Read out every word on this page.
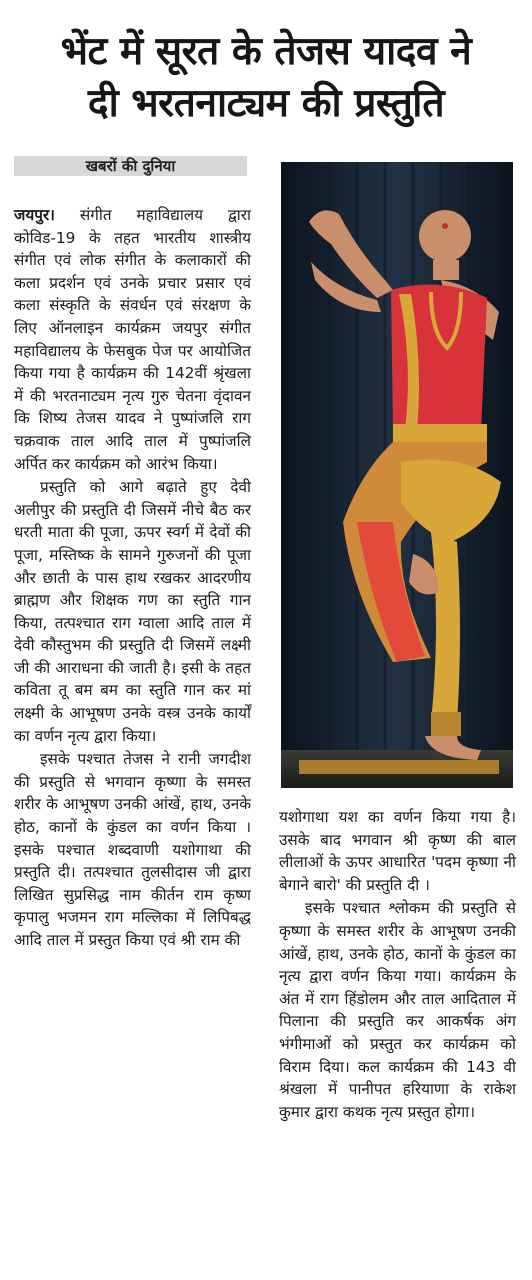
भेंट में सूरत के तेजस यादव ने
दी भरतनाट्यम की प्रस्तुति
खबरों की दुनिया

जयपुर। संगीत महाविद्यालय द्वारा कोविड-19 के तहत भारतीय शास्त्रीय संगीत एवं लोक संगीत के कलाकारों की कला प्रदर्शन एवं उनके प्रचार प्रसार एवं कला संस्कृति के संवर्धन एवं संरक्षण के लिए ऑनलाइन कार्यक्रम जयपुर संगीत महाविद्यालय के फेसबुक पेज पर आयोजित किया गया है कार्यक्रम की 142वीं श्रृंखला में की भरतनाट्यम नृत्य गुरु चेतना वृंदावन कि शिष्य तेजस यादव ने पुष्पांजलि राग चक्रवाक ताल आदि ताल में पुष्पांजलि अर्पित कर कार्यक्रम को आरंभ किया।

प्रस्तुति को आगे बढ़ाते हुए देवी अलीपुर की प्रस्तुति दी जिसमें नीचे बैठ कर धरती माता की पूजा, ऊपर स्वर्ग में देवों की पूजा, मस्तिष्क के सामने गुरुजनों की पूजा और छाती के पास हाथ रखकर आदरणीय ब्राह्मण और शिक्षक गण का स्तुति गान किया, तत्पश्चात राग ग्वाला आदि ताल में देवी कौस्तुभम की प्रस्तुति दी जिसमें लक्ष्मी जी की आराधना की जाती है। इसी के तहत कविता तू बम बम का स्तुति गान कर मां लक्ष्मी के आभूषण उनके वस्त्र उनके कार्यों का वर्णन नृत्य द्वारा किया।

इसके पश्चात तेजस ने रानी जगदीश की प्रस्तुति से भगवान कृष्णा के समस्त शरीर के आभूषण उनकी आंखें, हाथ, उनके होठ, कानों के कुंडल का वर्णन किया । इसके पश्चात शब्दवाणी यशोगाथा की प्रस्तुति दी। तत्पश्चात तुलसीदास जी द्वारा लिखित सुप्रसिद्ध नाम कीर्तन राम कृष्ण कृपालु भजमन राग मल्लिका में लिपिबद्ध आदि ताल में प्रस्तुत किया एवं श्री राम की

यशोगाथा यश का वर्णन किया गया है। उसके बाद भगवान श्री कृष्ण की बाल लीलाओं के ऊपर आधारित 'पदम कृष्णा नी बेगाने बारो' की प्रस्तुति दी ।

इसके पश्चात श्लोकम की प्रस्तुति से कृष्णा के समस्त शरीर के आभूषण उनकी आंखें, हाथ, उनके होठ, कानों के कुंडल का नृत्य द्वारा वर्णन किया गया। कार्यक्रम के अंत में राग हिंडोलम और ताल आदिताल में पिलाना की प्रस्तुति कर आकर्षक अंग भंगीमाओं को प्रस्तुत कर कार्यक्रम को विराम दिया। कल कार्यक्रम की 143 वी श्रंखला में पानीपत हरियाणा के राकेश कुमार द्वारा कथक नृत्य प्रस्तुत होगा।
